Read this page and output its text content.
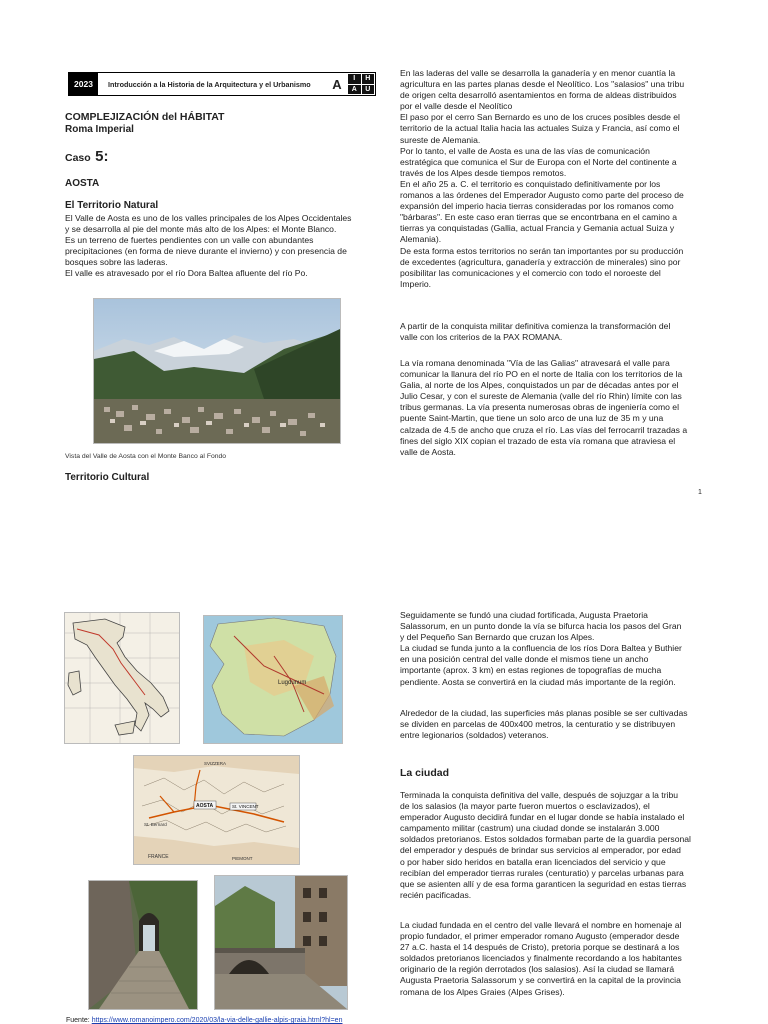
2023	Introducción a la Historia de la Arquitectura y el Urbanismo	A	I	H
A	U
COMPLEJIZACIÓN del HÁBITAT
Roma Imperial
Caso 5:
AOSTA
El Territorio Natural

El Valle de Aosta es uno de los valles principales de los Alpes Occidentales

y se desarrolla al pie del monte más alto de los Alpes: el Monte Blanco.

Es un terreno de fuertes pendientes con un valle con abundantes

precipitaciones (en forma de nieve durante el invierno) y con presencia de

bosques sobre las laderas.

El valle es atravesado por el río Dora Baltea afluente del río Po.

Vista del Valle de Aosta con el Monte Banco al Fondo
Territorio Cultural

En las laderas del valle se desarrolla la ganadería y en menor cuantía la

agricultura en las partes planas desde el Neolítico. Los "salasios" una tribu

de origen celta desarrolló asentamientos en forma de aldeas distribuidos

por el valle desde el Neolítico

El paso por el cerro San Bernardo es uno de los cruces posibles desde el

territorio de la actual Italia hacia las actuales Suiza y Francia, así como el

sureste de Alemania.

Por lo tanto, el valle de Aosta es una de las vías de comunicación

estratégica que comunica el Sur de Europa con el Norte del continente a

través de los Alpes desde tiempos remotos.

En el año 25 a. C. el territorio es conquistado definitivamente por los

romanos a las órdenes del Emperador Augusto como parte del proceso de

expansión del imperio hacia tierras consideradas por los romanos como

"bárbaras". En este caso eran tierras que se encontrbana en el camino a

tierras ya conquistadas (Gallia, actual Francia y Gemania actual Suiza y

Alemania).

De esta forma estos territorios no serán tan importantes por su producción

de excedentes (agricultura, ganadería y extracción de minerales) sino por

posibilitar las comunicaciones y el comercio con todo el noroeste del

Imperio.

A partir de la conquista militar definitiva comienza la transformación del

valle con los criterios de la PAX ROMANA.

La vía romana denominada "Vía de las Galias" atravesará el valle para

comunicar la llanura del río PO en el norte de Italia con los territorios de la

Galia, al norte de los Alpes, conquistados un par de décadas antes por el

Julio Cesar, y con el sureste de Alemania (valle del río Rhin) límite con las

tribus germanas. La vía presenta numerosas obras de ingeniería como el

puente Saint-Martin, que tiene un solo arco de una luz de 35 m y una

calzada de 4.5 de ancho que cruza el río. Las vías del ferrocarril trazadas a

fines del siglo XIX copian el trazado de esta vía romana que atraviesa el

valle de Aosta.

1
Lugdunum
AOSTA
SVIZZERA
St. VINCENT
St. Bernard
FRANCE	PIEMONT
Fuente: https://www.romanoimpero.com/2020/03/la-via-delle-gallie-alpis-graia.html?hl=en

Seguidamente se fundó una ciudad fortificada, Augusta Praetoria

Salassorum, en un punto donde la vía se bifurca hacia los pasos del Gran

y del Pequeño San Bernardo que cruzan los Alpes.

La ciudad se funda junto a la confluencia de los ríos Dora Baltea y Buthier

en una posición central del valle donde el mismos tiene un ancho

importante (aprox. 3 km) en estas regiones de topografías de mucha

pendiente. Aosta se convertirá en la ciudad más importante de la región.

Alrededor de la ciudad, las superficies más planas posible se ser cultivadas

se dividen en parcelas de 400x400 metros, la centuratio y se distribuyen

entre legionarios (soldados) veteranos.

La ciudad

Terminada la conquista definitiva del valle, después de sojuzgar a la tribu

de los salasios (la mayor parte fueron muertos o esclavizados), el

emperador Augusto decidirá fundar en el lugar donde se había instalado el

campamento militar (castrum) una ciudad donde se instalarán 3.000

soldados pretorianos. Estos soldados formaban parte de la guardia personal

del emperador y después de brindar sus servicios al emperador, por edad

o por haber sido heridos en batalla eran licenciados del servicio y que

recibían del emperador tierras rurales (centuratio) y parcelas urbanas para

que se asienten allí y de esa forma garanticen la seguridad en estas tierras

recién pacificadas.

La ciudad fundada en el centro del valle llevará el nombre en homenaje al

propio fundador, el primer emperador romano Augusto (emperador desde

27 a.C. hasta el 14 después de Cristo), pretoria porque se destinará a los

soldados pretorianos licenciados y finalmente recordando a los habitantes

originario de la región derrotados (los salasios). Así la ciudad se llamará

Augusta Praetoria Salassorum y se convertirá en la capital de la provincia

romana de los Alpes Graies (Alpes Grises).
